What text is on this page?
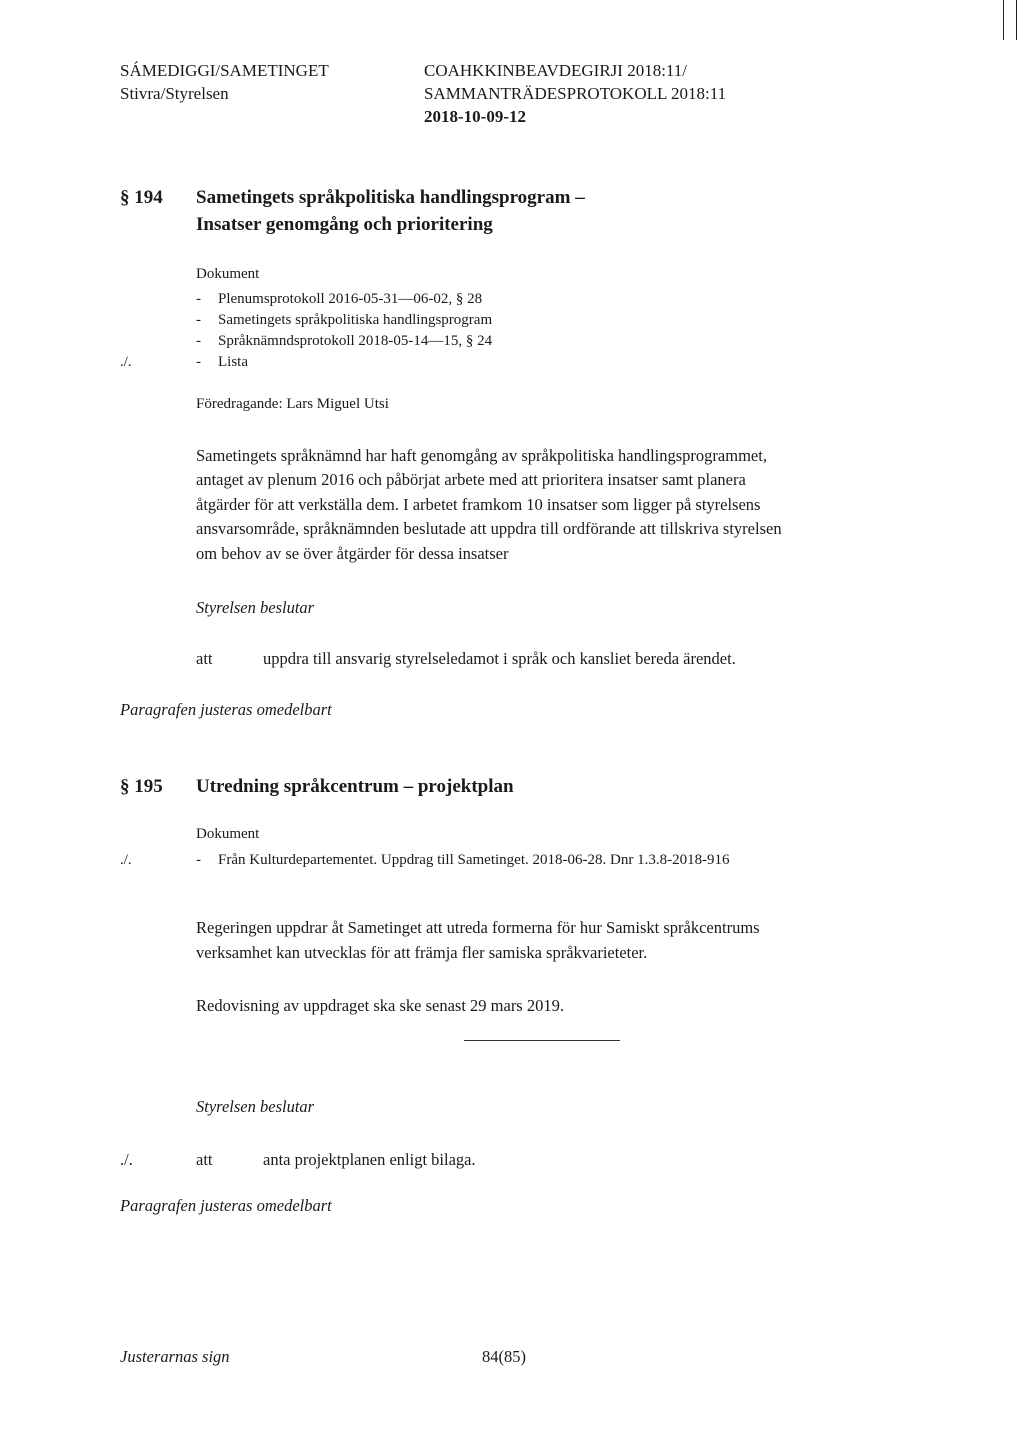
SÁMEDIGGI/SAMETINGET
Stivra/Styrelsen
COAHKKINBEAVDEGIRJI 2018:11/
SAMMANTRÄDESPROTOKOLL 2018:11
2018-10-09-12
§ 194 Sametingets språkpolitiska handlingsprogram –
Insatser genomgång och prioritering
Dokument
- Plenumsprotokoll 2016-05-31—06-02, § 28
- Sametingets språkpolitiska handlingsprogram
- Språknämndsprotokoll 2018-05-14—15, § 24
./.	- Lista
Föredragande: Lars Miguel Utsi
Sametingets språknämnd har haft genomgång av språkpolitiska handlingsprogrammet,
antaget av plenum 2016 och påbörjat arbete med att prioritera insatser samt planera
åtgärder för att verkställa dem. I arbetet framkom 10 insatser som ligger på styrelsens
ansvarsområde, språknämnden beslutade att uppdra till ordförande att tillskriva styrelsen
om behov av se över åtgärder för dessa insatser
Styrelsen beslutar
att	uppdra till ansvarig styrelseledamot i språk och kansliet bereda ärendet.
Paragrafen justeras omedelbart
§ 195 Utredning språkcentrum – projektplan
Dokument
./.	- Från Kulturdepartementet. Uppdrag till Sametinget. 2018-06-28. Dnr 1.3.8-2018-916
Regeringen uppdrar åt Sametinget att utreda formerna för hur Samiskt språkcentrums
verksamhet kan utvecklas för att främja fler samiska språkvarieteter.
Redovisning av uppdraget ska ske senast 29 mars 2019.
Styrelsen beslutar
./.	att	anta projektplanen enligt bilaga.
Paragrafen justeras omedelbart
Justerarnas sign	84(85)
